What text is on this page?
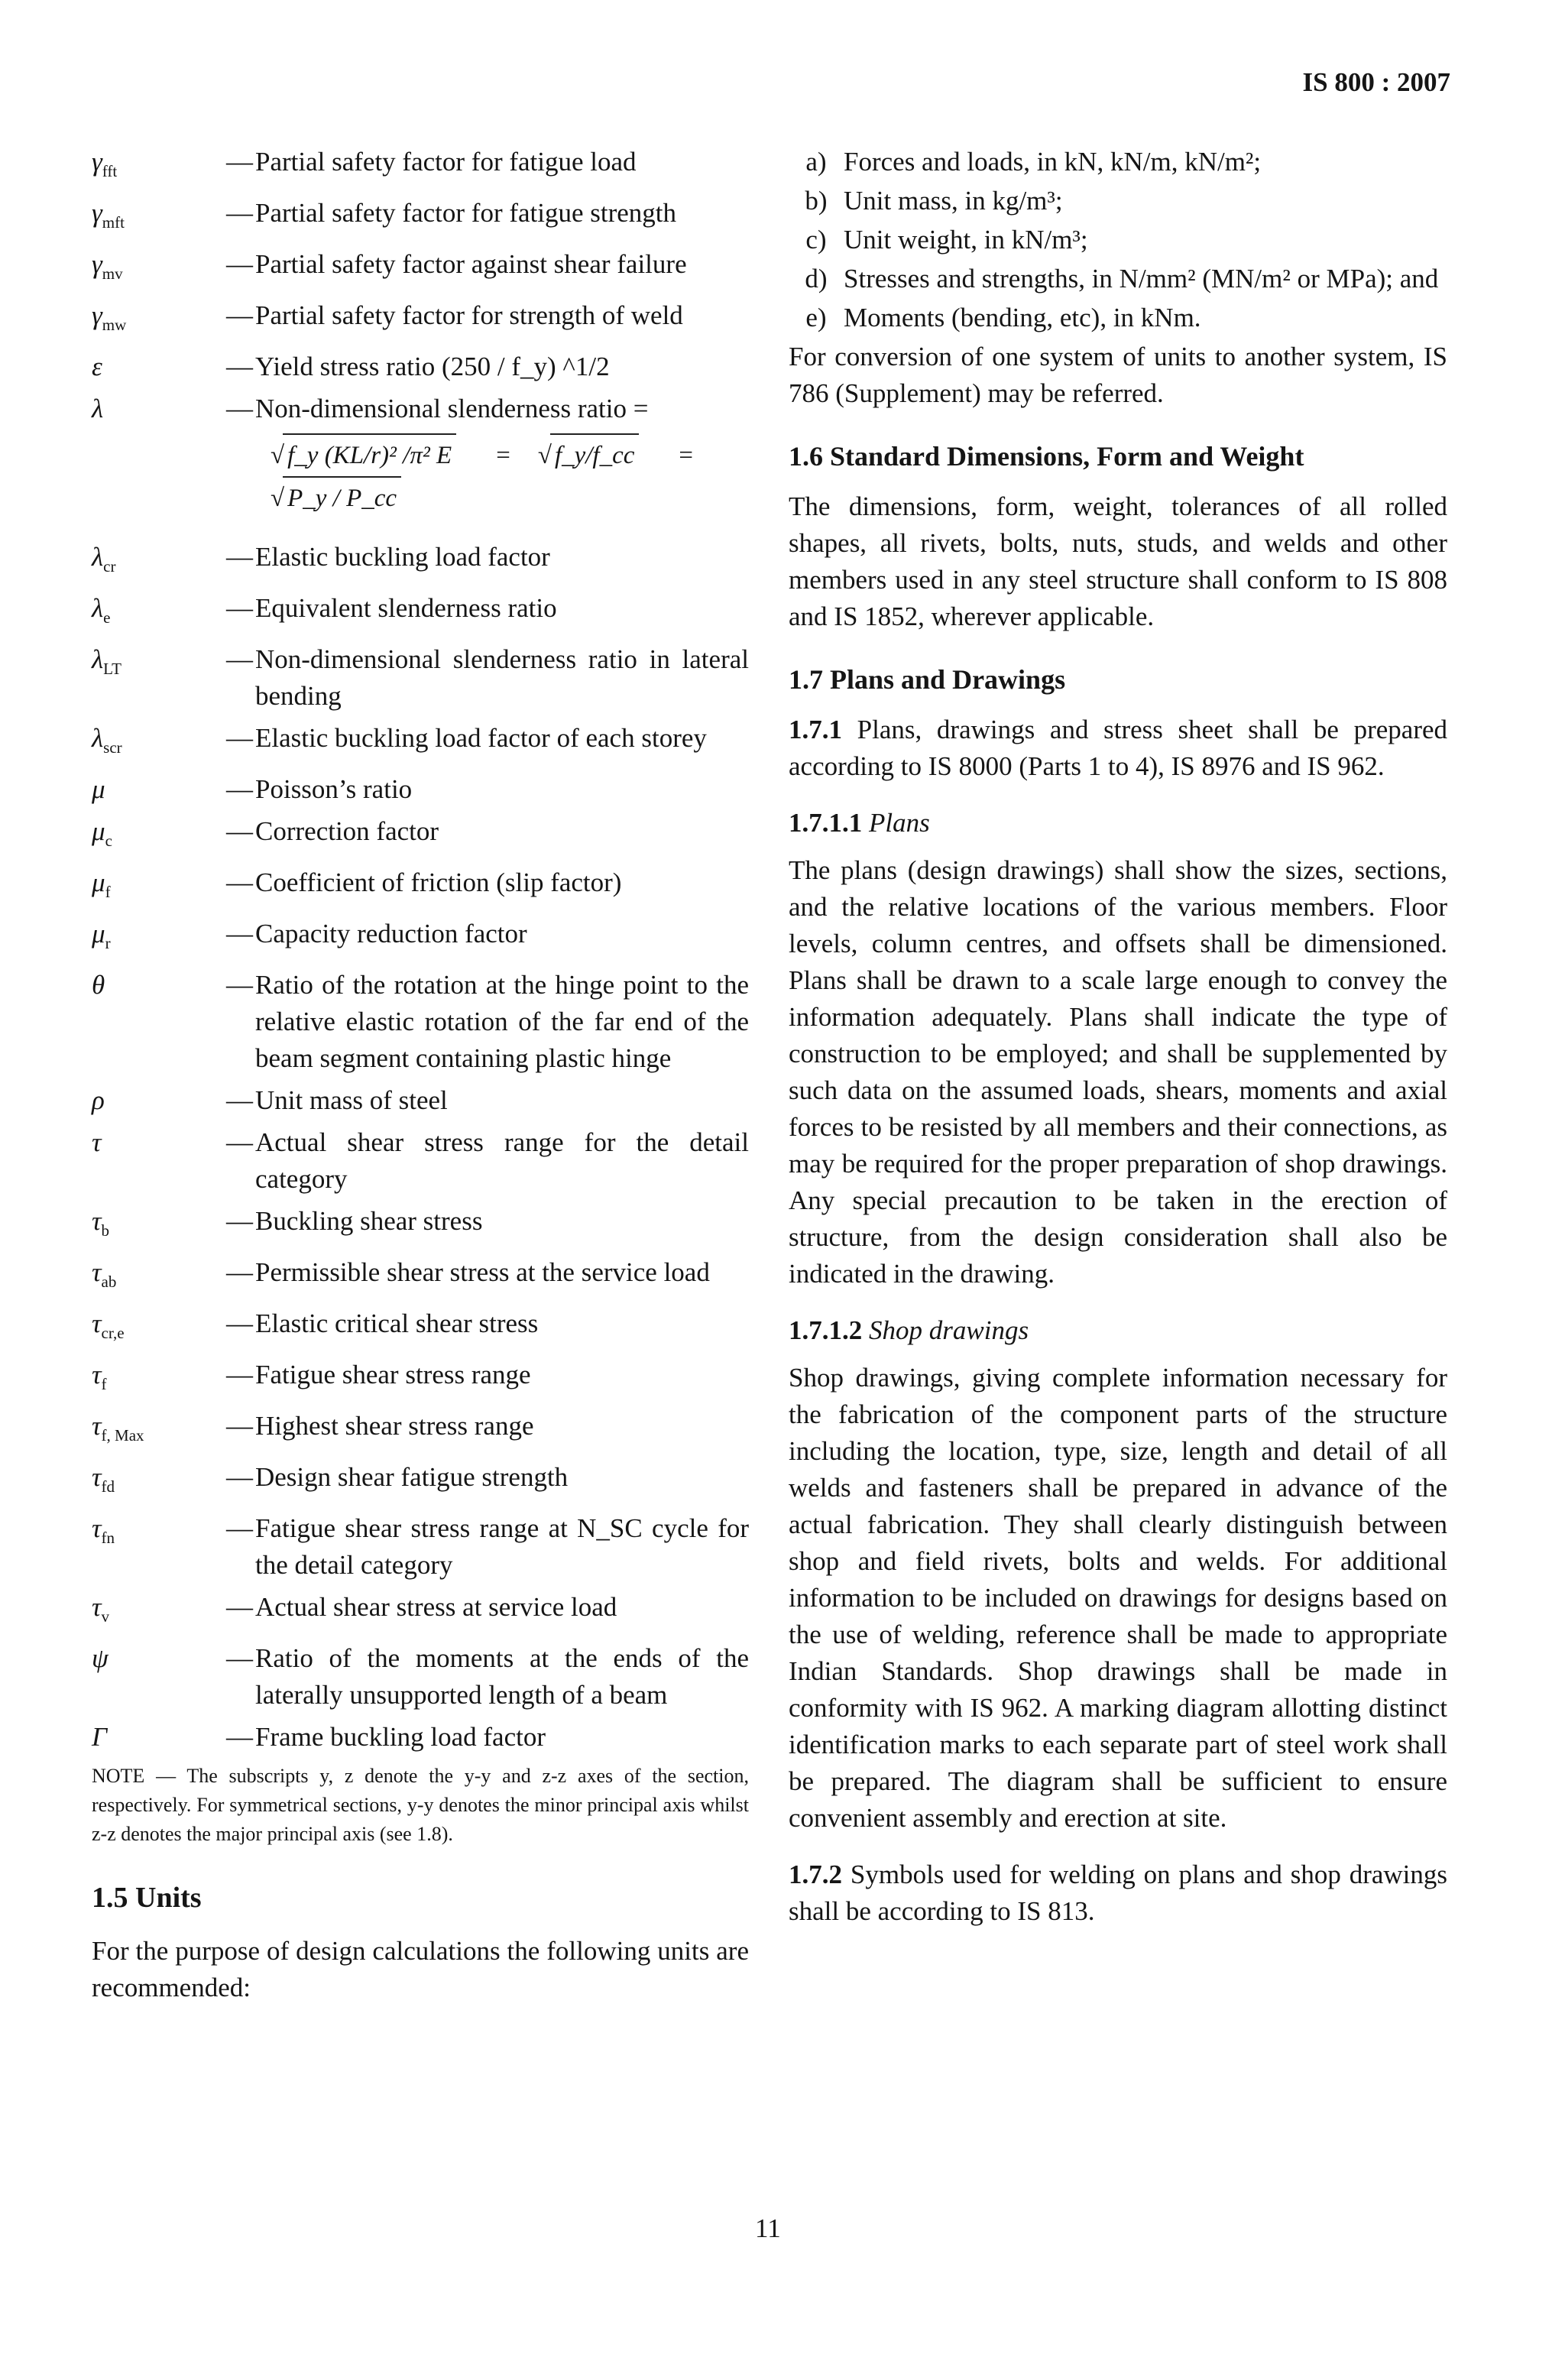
IS 800 : 2007
$\gamma_{fft}$	— Partial safety factor for fatigue load
$\gamma_{mft}$	— Partial safety factor for fatigue strength
$\gamma_{mv}$	— Partial safety factor against shear failure
$\gamma_{mw}$	— Partial safety factor for strength of weld
ε	— Yield stress ratio (250 / f_y) ^1/2
λ	— Non-dimensional slenderness ratio =
√ f_y (KL/r)² /π² E =
√ f_y/f_cc =
√ P_y / P_cc
$\lambda_{cr}$	— Elastic buckling load factor
$\lambda_e$	— Equivalent slenderness ratio
$\lambda_{LT}$	— Non-dimensional slenderness ratio in lateral bending
$\lambda_{scr}$	— Elastic buckling load factor of each storey
μ	— Poisson’s ratio
$\mu_c$	— Correction factor
$\mu_f$	— Coefficient of friction (slip factor)
$\mu_r$	— Capacity reduction factor
θ	— Ratio of the rotation at the hinge point to the relative elastic rotation of the far end of the beam segment containing plastic hinge
ρ	— Unit mass of steel
τ	— Actual shear stress range for the detail category
$\tau_b$	— Buckling shear stress
$\tau_{ab}$	— Permissible shear stress at the service load
$\tau_{cr,e}$	— Elastic critical shear stress
$\tau_f$	— Fatigue shear stress range
$\tau_{f, Max}$	— Highest shear stress range
$\tau_{fd}$	— Design shear fatigue strength
$\tau_{fn}$	— Fatigue shear stress range at N_SC cycle for the detail category
$\tau_v$	— Actual shear stress at service load
ψ	— Ratio of the moments at the ends of the laterally unsupported length of a beam
Γ	— Frame buckling load factor
NOTE — The subscripts y, z denote the y-y and z-z axes of the section, respectively. For symmetrical sections, y-y denotes the minor principal axis whilst z-z denotes the major principal axis (see 1.8).
1.5 Units

For the purpose of design calculations the following units are recommended:

a) Forces and loads, in kN, kN/m, kN/m²;
b) Unit mass, in kg/m³;
c) Unit weight, in kN/m³;
d) Stresses and strengths, in N/mm² (MN/m² or MPa); and
e) Moments (bending, etc), in kNm.

For conversion of one system of units to another system, IS 786 (Supplement) may be referred.

1.6 Standard Dimensions, Form and Weight

The dimensions, form, weight, tolerances of all rolled shapes, all rivets, bolts, nuts, studs, and welds and other members used in any steel structure shall conform to IS 808 and IS 1852, wherever applicable.

1.7 Plans and Drawings

1.7.1 Plans, drawings and stress sheet shall be prepared according to IS 8000 (Parts 1 to 4), IS 8976 and IS 962.

1.7.1.1 Plans

The plans (design drawings) shall show the sizes, sections, and the relative locations of the various members. Floor levels, column centres, and offsets shall be dimensioned. Plans shall be drawn to a scale large enough to convey the information adequately. Plans shall indicate the type of construction to be employed; and shall be supplemented by such data on the assumed loads, shears, moments and axial forces to be resisted by all members and their connections, as may be required for the proper preparation of shop drawings. Any special precaution to be taken in the erection of structure, from the design consideration shall also be indicated in the drawing.

1.7.1.2 Shop drawings

Shop drawings, giving complete information necessary for the fabrication of the component parts of the structure including the location, type, size, length and detail of all welds and fasteners shall be prepared in advance of the actual fabrication. They shall clearly distinguish between shop and field rivets, bolts and welds. For additional information to be included on drawings for designs based on the use of welding, reference shall be made to appropriate Indian Standards. Shop drawings shall be made in conformity with IS 962. A marking diagram allotting distinct identification marks to each separate part of steel work shall be prepared. The diagram shall be sufficient to ensure convenient assembly and erection at site.

1.7.2 Symbols used for welding on plans and shop drawings shall be according to IS 813.

11
